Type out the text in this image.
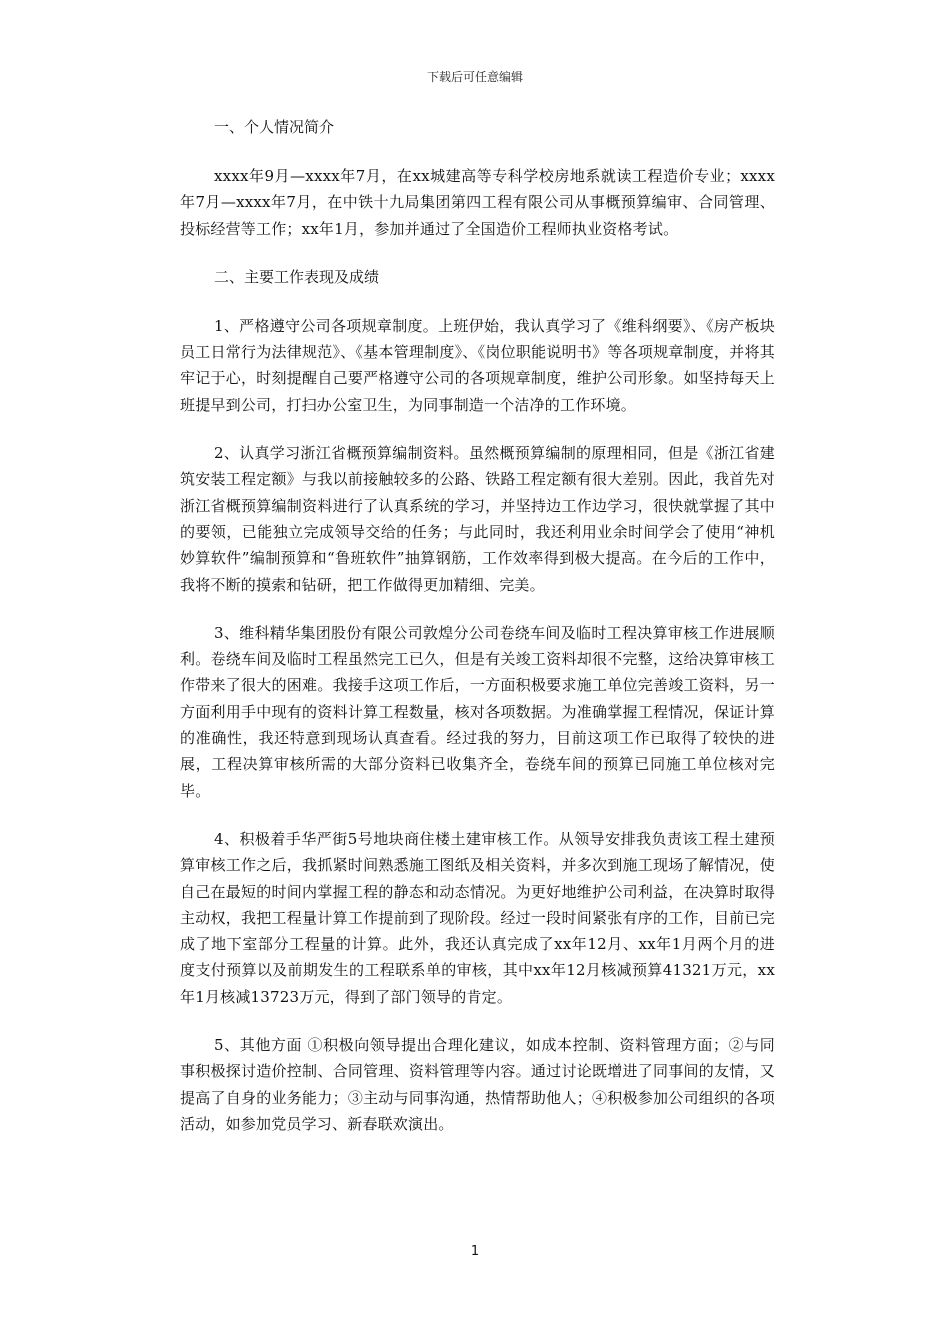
下载后可任意编辑

一、个人情况简介

xxxx年9月—xxxx年7月，在xx城建高等专科学校房地系就读工程造价专业；xxxx年7月—xxxx年7月，在中铁十九局集团第四工程有限公司从事概预算编审、合同管理、投标经营等工作；xx年1月，参加并通过了全国造价工程师执业资格考试。

二、主要工作表现及成绩

1、严格遵守公司各项规章制度。上班伊始，我认真学习了《维科纲要》、《房产板块员工日常行为法律规范》、《基本管理制度》、《岗位职能说明书》等各项规章制度，并将其牢记于心，时刻提醒自己要严格遵守公司的各项规章制度，维护公司形象。如坚持每天上班提早到公司，打扫办公室卫生，为同事制造一个洁净的工作环境。

2、认真学习浙江省概预算编制资料。虽然概预算编制的原理相同，但是《浙江省建筑安装工程定额》与我以前接触较多的公路、铁路工程定额有很大差别。因此，我首先对浙江省概预算编制资料进行了认真系统的学习，并坚持边工作边学习，很快就掌握了其中的要领，已能独立完成领导交给的任务；与此同时，我还利用业余时间学会了使用“神机妙算软件”编制预算和“鲁班软件”抽算钢筋，工作效率得到极大提高。在今后的工作中，我将不断的摸索和钻研，把工作做得更加精细、完美。

3、维科精华集团股份有限公司敦煌分公司卷绕车间及临时工程决算审核工作进展顺利。卷绕车间及临时工程虽然完工已久，但是有关竣工资料却很不完整，这给决算审核工作带来了很大的困难。我接手这项工作后，一方面积极要求施工单位完善竣工资料，另一方面利用手中现有的资料计算工程数量，核对各项数据。为准确掌握工程情况，保证计算的准确性，我还特意到现场认真查看。经过我的努力，目前这项工作已取得了较快的进展，工程决算审核所需的大部分资料已收集齐全，卷绕车间的预算已同施工单位核对完毕。

4、积极着手华严街5号地块商住楼土建审核工作。从领导安排我负责该工程土建预算审核工作之后，我抓紧时间熟悉施工图纸及相关资料，并多次到施工现场了解情况，使自己在最短的时间内掌握工程的静态和动态情况。为更好地维护公司利益，在决算时取得主动权，我把工程量计算工作提前到了现阶段。经过一段时间紧张有序的工作，目前已完成了地下室部分工程量的计算。此外，我还认真完成了xx年12月、xx年1月两个月的进度支付预算以及前期发生的工程联系单的审核，其中xx年12月核减预算41321万元，xx年1月核减13723万元，得到了部门领导的肯定。

5、其他方面 ①积极向领导提出合理化建议，如成本控制、资料管理方面；②与同事积极探讨造价控制、合同管理、资料管理等内容。通过讨论既增进了同事间的友情，又提高了自身的业务能力；③主动与同事沟通，热情帮助他人；④积极参加公司组织的各项活动，如参加党员学习、新春联欢演出。

1
